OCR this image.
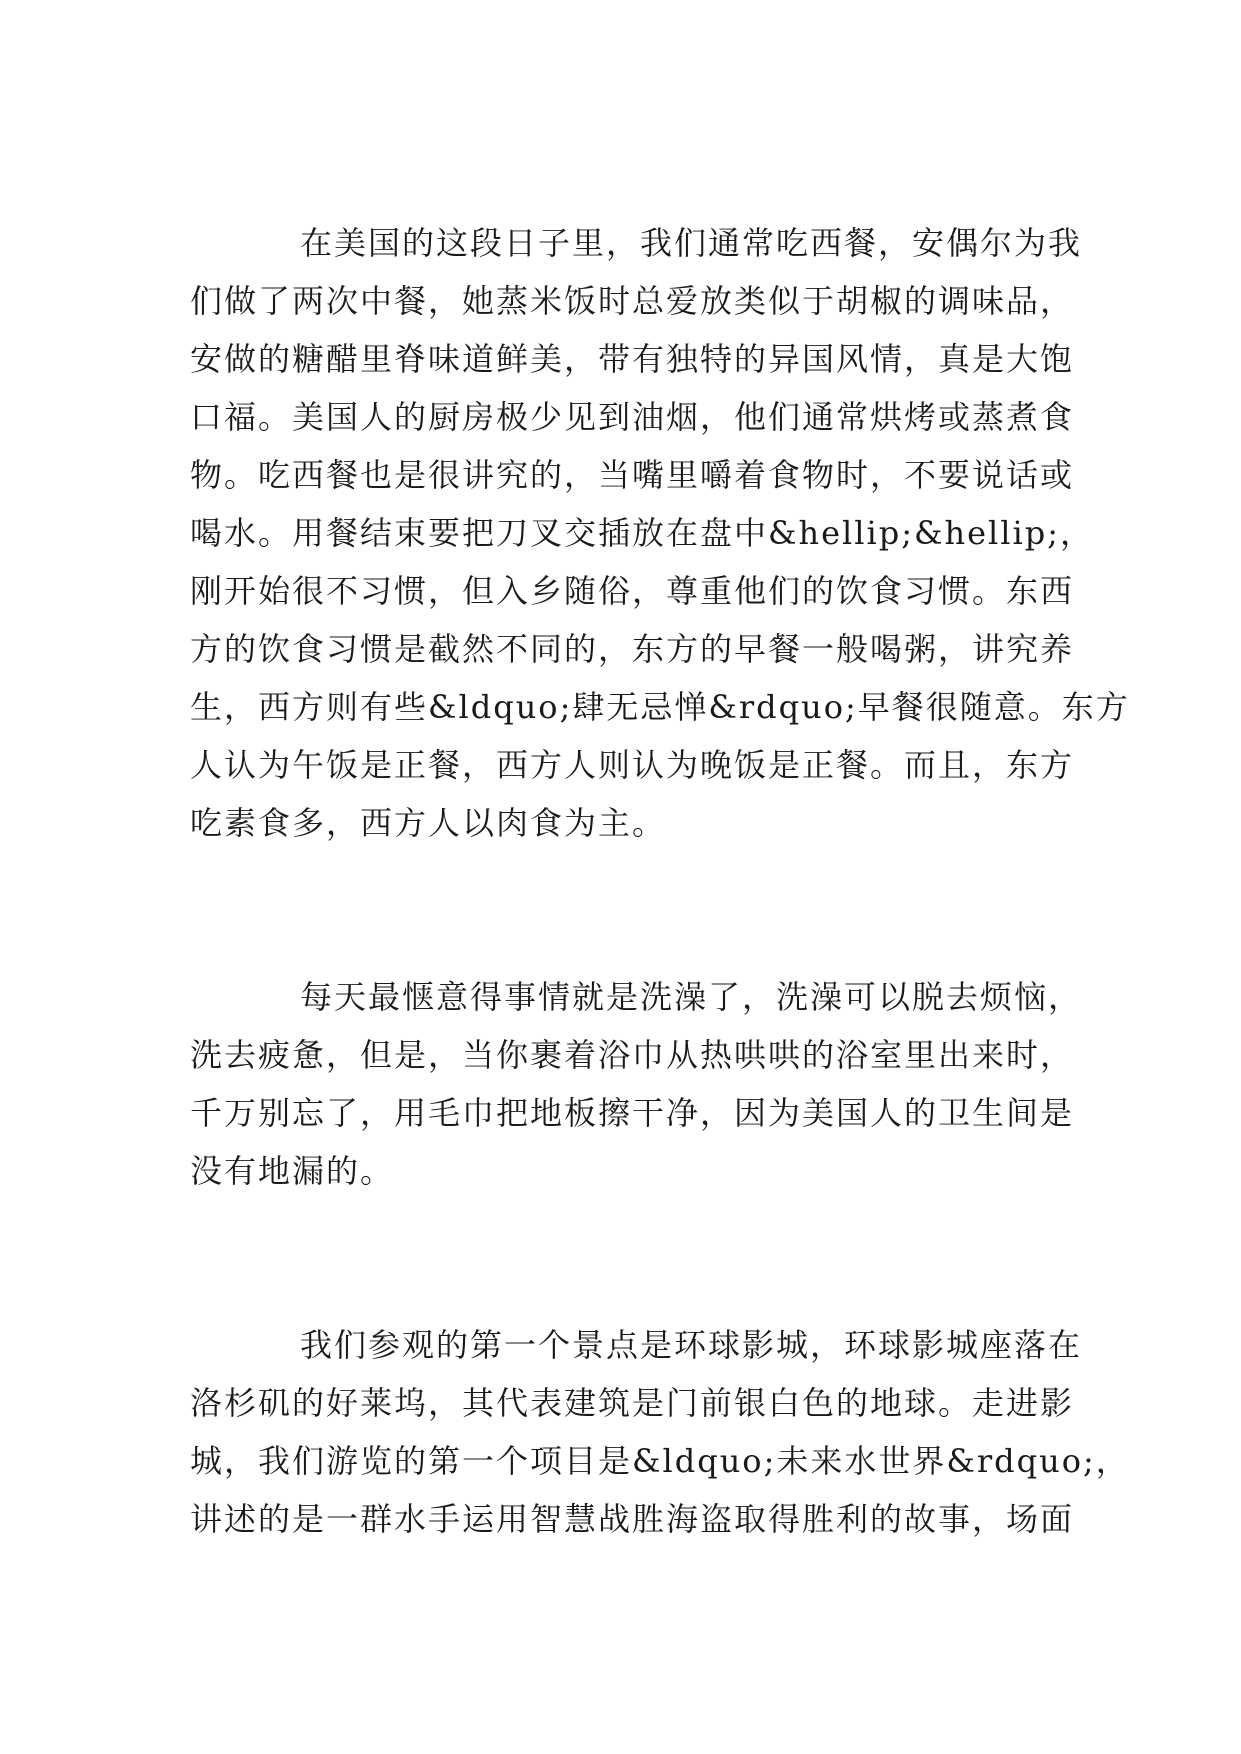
在美国的这段日子里，我们通常吃西餐，安偶尔为我
们做了两次中餐，她蒸米饭时总爱放类似于胡椒的调味品，
安做的糖醋里脊味道鲜美，带有独特的异国风情，真是大饱
口福。美国人的厨房极少见到油烟，他们通常烘烤或蒸煮食
物。吃西餐也是很讲究的，当嘴里嚼着食物时，不要说话或
喝水。用餐结束要把刀叉交插放在盘中&hellip;&hellip;，
刚开始很不习惯，但入乡随俗，尊重他们的饮食习惯。东西
方的饮食习惯是截然不同的，东方的早餐一般喝粥，讲究养
生，西方则有些&ldquo;肆无忌惮&rdquo;早餐很随意。东方
人认为午饭是正餐，西方人则认为晚饭是正餐。而且，东方
吃素食多，西方人以肉食为主。
每天最惬意得事情就是洗澡了，洗澡可以脱去烦恼，
洗去疲惫，但是，当你裹着浴巾从热哄哄的浴室里出来时，
千万别忘了，用毛巾把地板擦干净，因为美国人的卫生间是
没有地漏的。
我们参观的第一个景点是环球影城，环球影城座落在
洛杉矶的好莱坞，其代表建筑是门前银白色的地球。走进影
城，我们游览的第一个项目是&ldquo;未来水世界&rdquo;，
讲述的是一群水手运用智慧战胜海盗取得胜利的故事，场面
